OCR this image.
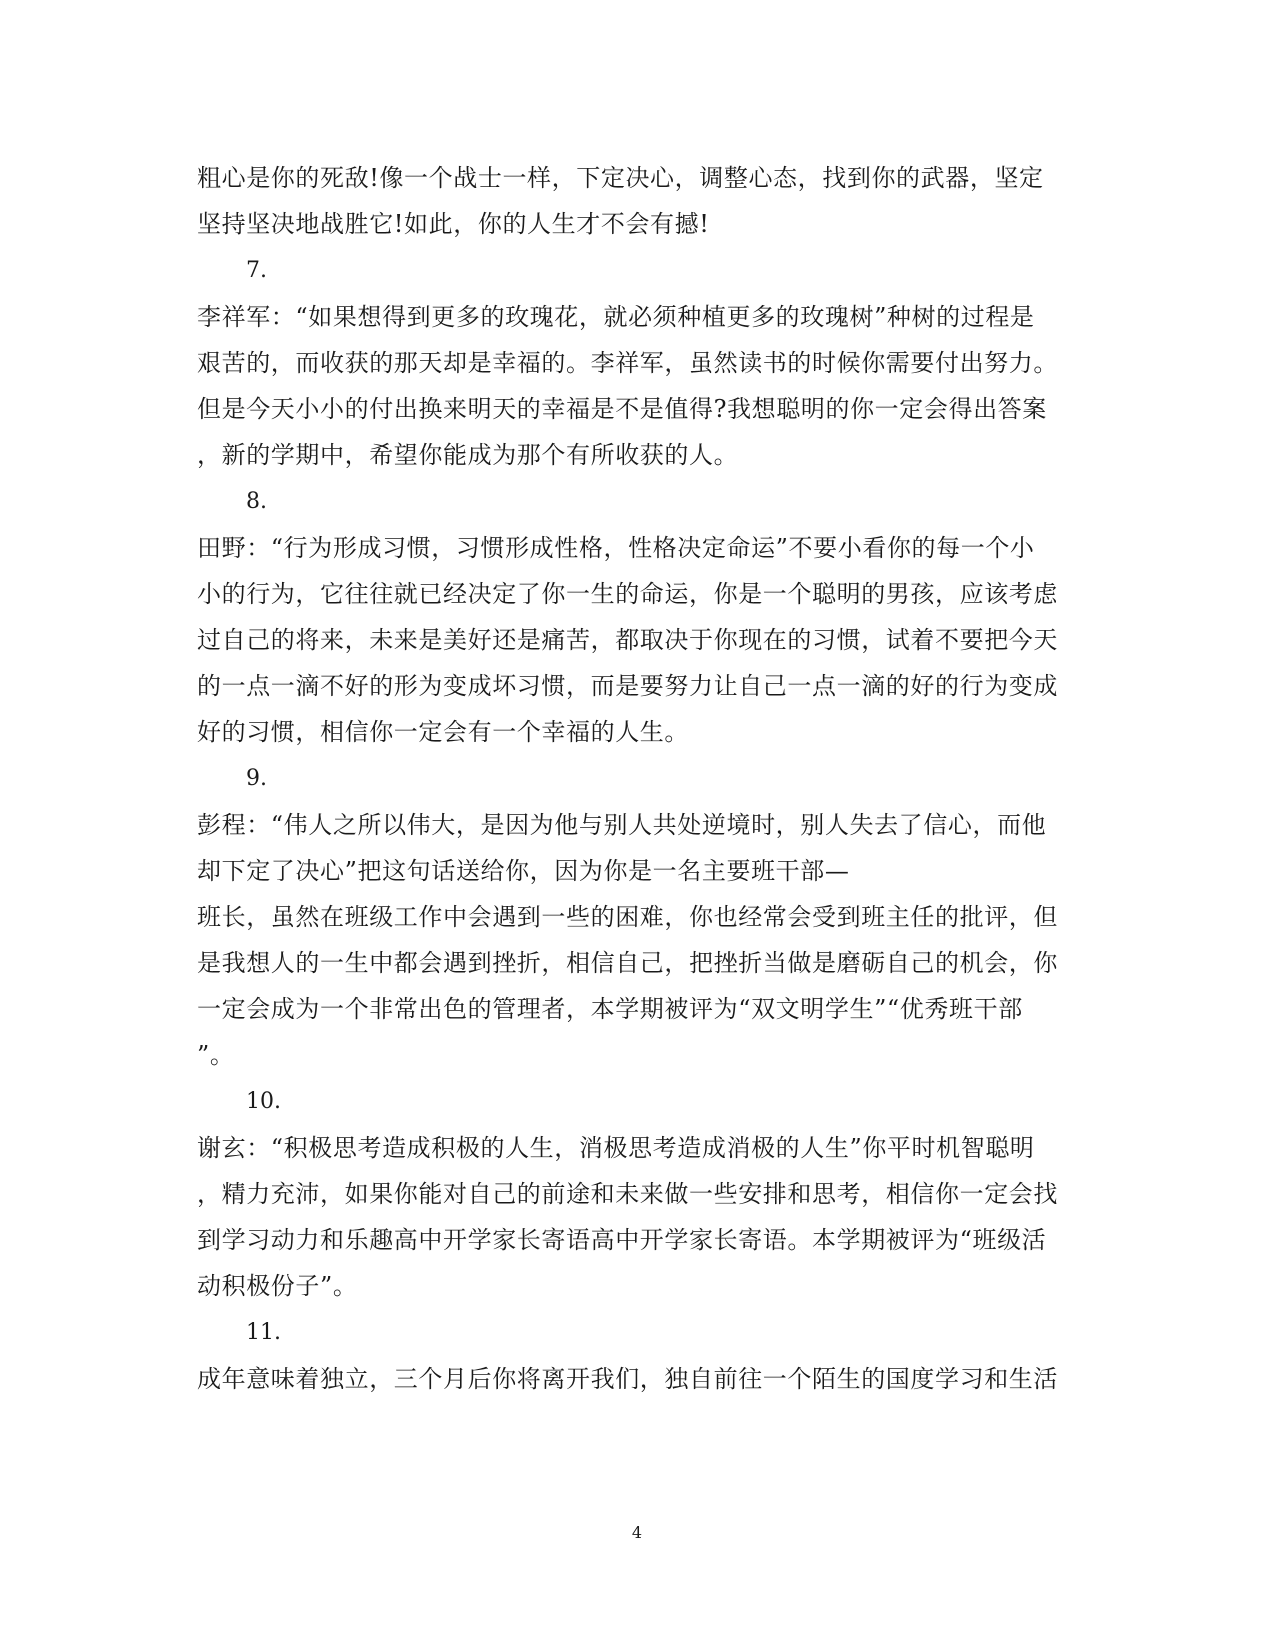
粗心是你的死敌!像一个战士一样，下定决心，调整心态，找到你的武器，坚定
坚持坚决地战胜它!如此，你的人生才不会有撼!
7.
李祥军：“如果想得到更多的玫瑰花，就必须种植更多的玫瑰树”种树的过程是
艰苦的，而收获的那天却是幸福的。李祥军，虽然读书的时候你需要付出努力。
但是今天小小的付出换来明天的幸福是不是值得?我想聪明的你一定会得出答案
，新的学期中，希望你能成为那个有所收获的人。
8.
田野：“行为形成习惯，习惯形成性格，性格决定命运”不要小看你的每一个小
小的行为，它往往就已经决定了你一生的命运，你是一个聪明的男孩，应该考虑
过自己的将来，未来是美好还是痛苦，都取决于你现在的习惯，试着不要把今天
的一点一滴不好的形为变成坏习惯，而是要努力让自己一点一滴的好的行为变成
好的习惯，相信你一定会有一个幸福的人生。
9.
彭程：“伟人之所以伟大，是因为他与别人共处逆境时，别人失去了信心，而他
却下定了决心”把这句话送给你，因为你是一名主要班干部—
班长，虽然在班级工作中会遇到一些的困难，你也经常会受到班主任的批评，但
是我想人的一生中都会遇到挫折，相信自己，把挫折当做是磨砺自己的机会，你
一定会成为一个非常出色的管理者，本学期被评为“双文明学生”“优秀班干部
”。
10.
谢玄：“积极思考造成积极的人生，消极思考造成消极的人生”你平时机智聪明
，精力充沛，如果你能对自己的前途和未来做一些安排和思考，相信你一定会找
到学习动力和乐趣高中开学家长寄语高中开学家长寄语。本学期被评为“班级活
动积极份子”。
11.
成年意味着独立，三个月后你将离开我们，独自前往一个陌生的国度学习和生活
4
